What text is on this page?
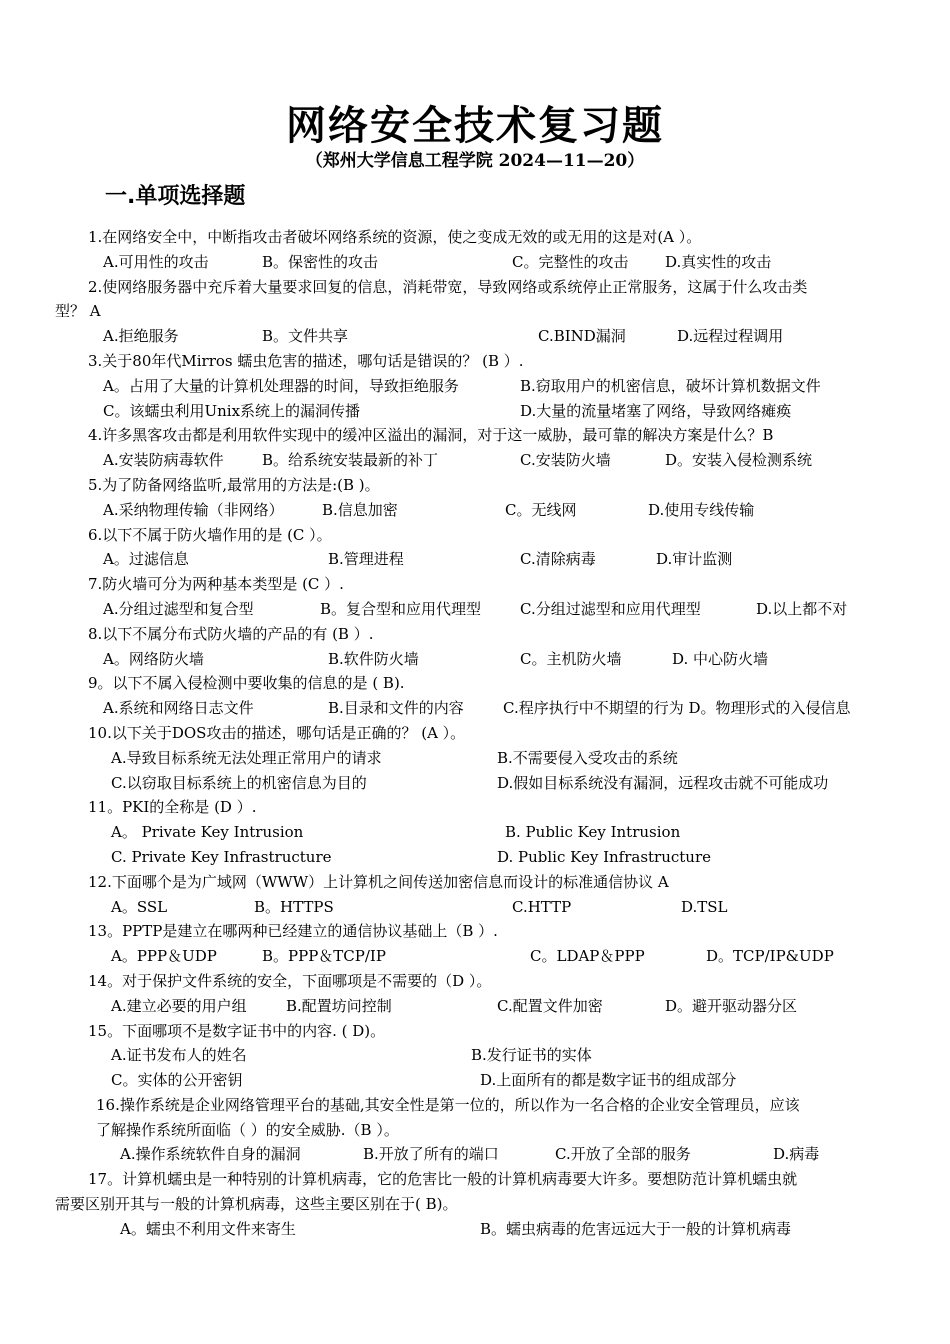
网络安全技术复习题
（郑州大学信息工程学院 2024—11—20）
一.单项选择题
1.在网络安全中，中断指攻击者破坏网络系统的资源，使之变成无效的或无用的这是对(A ）。
A.可用性的攻击	B。保密性的攻击	C。完整性的攻击 D.真实性的攻击
2.使网络服务器中充斥着大量要求回复的信息，消耗带宽，导致网络或系统停止正常服务，这属于什么攻击类
型？ A
A.拒绝服务	B。文件共享	C.BIND漏洞	D.远程过程调用
3.关于80年代Mirros 蠕虫危害的描述，哪句话是错误的？ (B ）.
A。占用了大量的计算机处理器的时间，导致拒绝服务	B.窃取用户的机密信息，破坏计算机数据文件
C。该蠕虫利用Unix系统上的漏洞传播	D.大量的流量堵塞了网络，导致网络瘫痪
4.许多黑客攻击都是利用软件实现中的缓冲区溢出的漏洞，对于这一威胁，最可靠的解决方案是什么？B
A.安装防病毒软件	B。给系统安装最新的补丁	C.安装防火墙	D。安装入侵检测系统
5.为了防备网络监听,最常用的方法是:(B )。
A.采纳物理传输（非网络）	B.信息加密	C。无线网	D.使用专线传输
6.以下不属于防火墙作用的是 (C ）。
A。过滤信息	B.管理进程	C.清除病毒	D.审计监测
7.防火墙可分为两种基本类型是 (C ）.
A.分组过滤型和复合型	B。复合型和应用代理型	C.分组过滤型和应用代理型	D.以上都不对
8.以下不属分布式防火墙的产品的有 (B ）.
A。网络防火墙	B.软件防火墙	C。主机防火墙	D. 中心防火墙
9。以下不属入侵检测中要收集的信息的是 ( B).
A.系统和网络日志文件	B.目录和文件的内容	C.程序执行中不期望的行为 D。物理形式的入侵信息
10.以下关于DOS攻击的描述，哪句话是正确的？ (A ）。
A.导致目标系统无法处理正常用户的请求	B.不需要侵入受攻击的系统
C.以窃取目标系统上的机密信息为目的	D.假如目标系统没有漏洞，远程攻击就不可能成功
11。PKI的全称是 (D ）.
A。 Private Key Intrusion	B. Public Key Intrusion
C. Private Key Infrastructure	D. Public Key Infrastructure
12.下面哪个是为广域网（WWW）上计算机之间传送加密信息而设计的标准通信协议 A
A。SSL	B。HTTPS	C.HTTP	D.TSL
13。PPTP是建立在哪两种已经建立的通信协议基础上（B ）.
A。PPP＆UDP	B。PPP＆TCP/IP	C。LDAP＆PPP	D。TCP/IP&UDP
14。对于保护文件系统的安全，下面哪项是不需要的（D ）。
A.建立必要的用户组	B.配置坊问控制	C.配置文件加密	D。避开驱动器分区
15。下面哪项不是数字证书中的内容. ( D)。
A.证书发布人的姓名	B.发行证书的实体
C。实体的公开密钥	D.上面所有的都是数字证书的组成部分
16.操作系统是企业网络管理平台的基础,其安全性是第一位的，所以作为一名合格的企业安全管理员，应该
了解操作系统所面临（ ）的安全威胁.（B ）。
A.操作系统软件自身的漏洞	B.开放了所有的端口	C.开放了全部的服务	D.病毒
17。计算机蠕虫是一种特别的计算机病毒，它的危害比一般的计算机病毒要大许多。要想防范计算机蠕虫就
需要区别开其与一般的计算机病毒，这些主要区别在于( B)。
A。蠕虫不利用文件来寄生	B。蠕虫病毒的危害远远大于一般的计算机病毒
